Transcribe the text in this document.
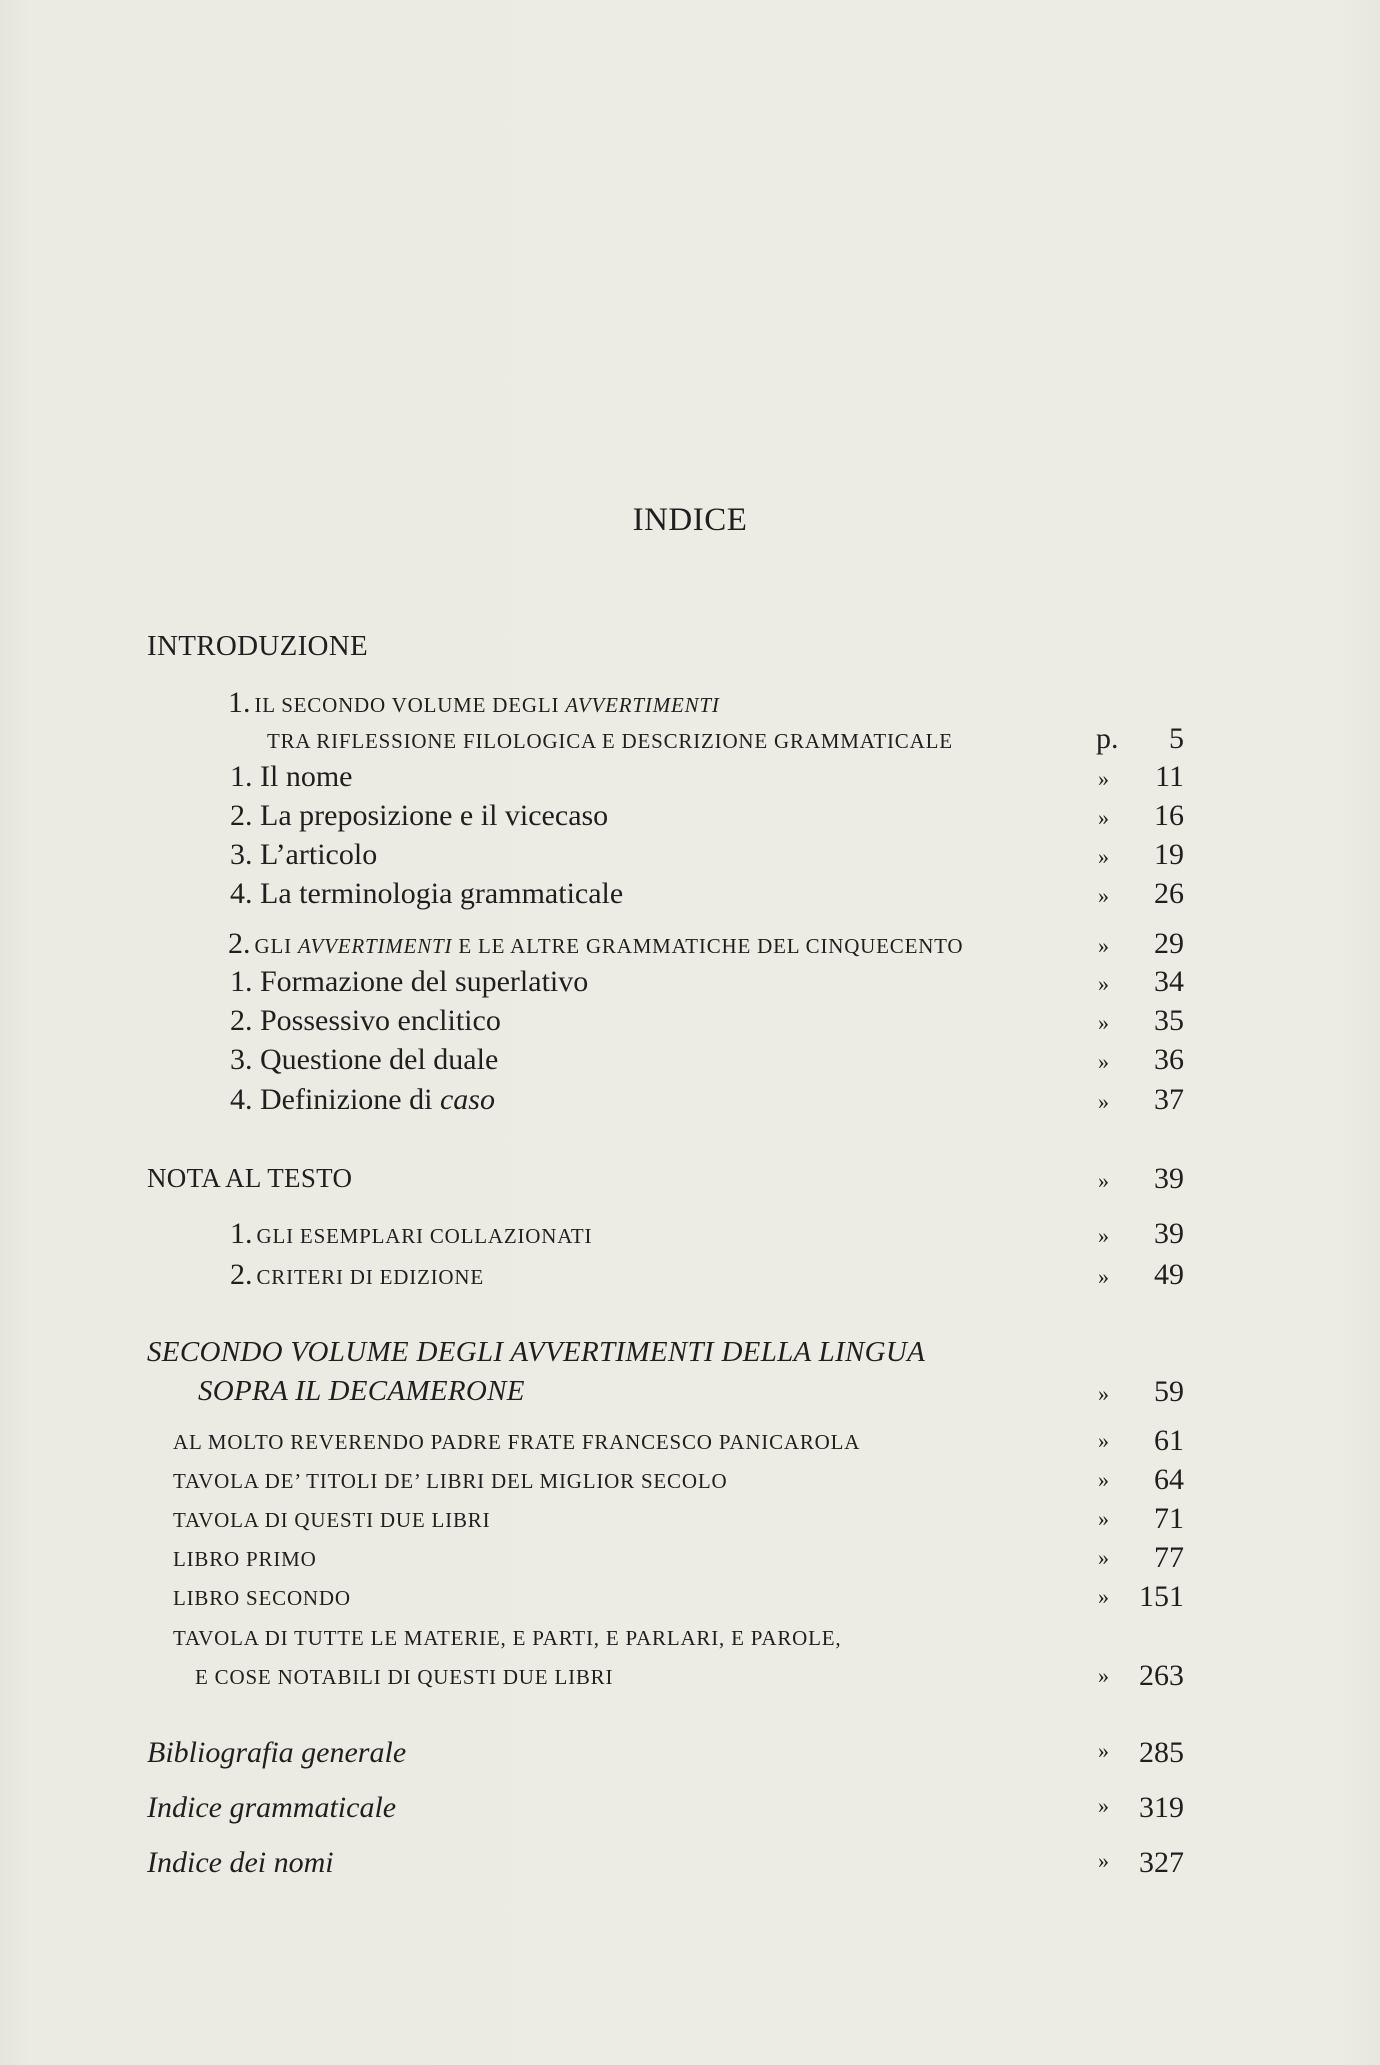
INDICE
INTRODUZIONE
1. IL SECONDO VOLUME DEGLI AVVERTIMENTI
TRA RIFLESSIONE FILOLOGICA E DESCRIZIONE GRAMMATICALE	p. 5
1. Il nome	» 11
2. La preposizione e il vicecaso	» 16
3. L’articolo	» 19
4. La terminologia grammaticale	» 26
2. GLI AVVERTIMENTI E LE ALTRE GRAMMATICHE DEL CINQUECENTO	» 29
1. Formazione del superlativo	» 34
2. Possessivo enclitico	» 35
3. Questione del duale	» 36
4. Definizione di caso	» 37
NOTA AL TESTO	» 39
1. GLI ESEMPLARI COLLAZIONATI	» 39
2. CRITERI DI EDIZIONE	» 49
SECONDO VOLUME DEGLI AVVERTIMENTI DELLA LINGUA
SOPRA IL DECAMERONE	» 59
AL MOLTO REVERENDO PADRE FRATE FRANCESCO PANICAROLA	» 61
TAVOLA DE’ TITOLI DE’ LIBRI DEL MIGLIOR SECOLO	» 64
TAVOLA DI QUESTI DUE LIBRI	» 71
LIBRO PRIMO	» 77
LIBRO SECONDO	» 151
TAVOLA DI TUTTE LE MATERIE, E PARTI, E PARLARI, E PAROLE,
E COSE NOTABILI DI QUESTI DUE LIBRI	» 263
Bibliografia generale	» 285
Indice grammaticale	» 319
Indice dei nomi	» 327
